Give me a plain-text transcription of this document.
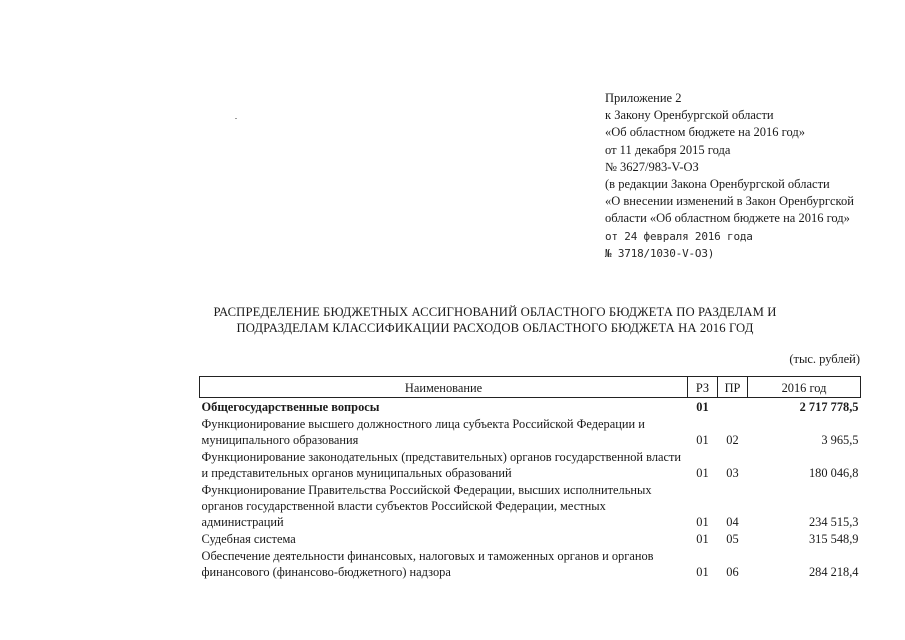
Приложение 2
к Закону Оренбургской области
«Об областном бюджете на 2016 год»
от 11 декабря 2015 года
№ 3627/983-V-ОЗ
(в редакции Закона Оренбургской области
«О внесении изменений в Закон Оренбургской
области «Об областном бюджете на 2016 год»
от 24 февраля 2016 года
№ 3718/1030-V-ОЗ)
РАСПРЕДЕЛЕНИЕ БЮДЖЕТНЫХ АССИГНОВАНИЙ ОБЛАСТНОГО БЮДЖЕТА ПО РАЗДЕЛАМ И
ПОДРАЗДЕЛАМ КЛАССИФИКАЦИИ РАСХОДОВ ОБЛАСТНОГО БЮДЖЕТА НА 2016 ГОД
(тыс. рублей)
Наименование	РЗ	ПР	2016 год
Общегосударственные вопросы	01		2 717 778,5
Функционирование высшего должностного лица субъекта Российской Федерации и муниципального образования	01	02	3 965,5
Функционирование законодательных (представительных) органов государственной власти и представительных органов муниципальных образований	01	03	180 046,8
Функционирование Правительства Российской Федерации, высших исполнительных органов государственной власти субъектов Российской Федерации, местных администраций	01	04	234 515,3
Судебная система	01	05	315 548,9
Обеспечение деятельности финансовых, налоговых и таможенных органов и органов финансового (финансово-бюджетного) надзора	01	06	284 218,4
